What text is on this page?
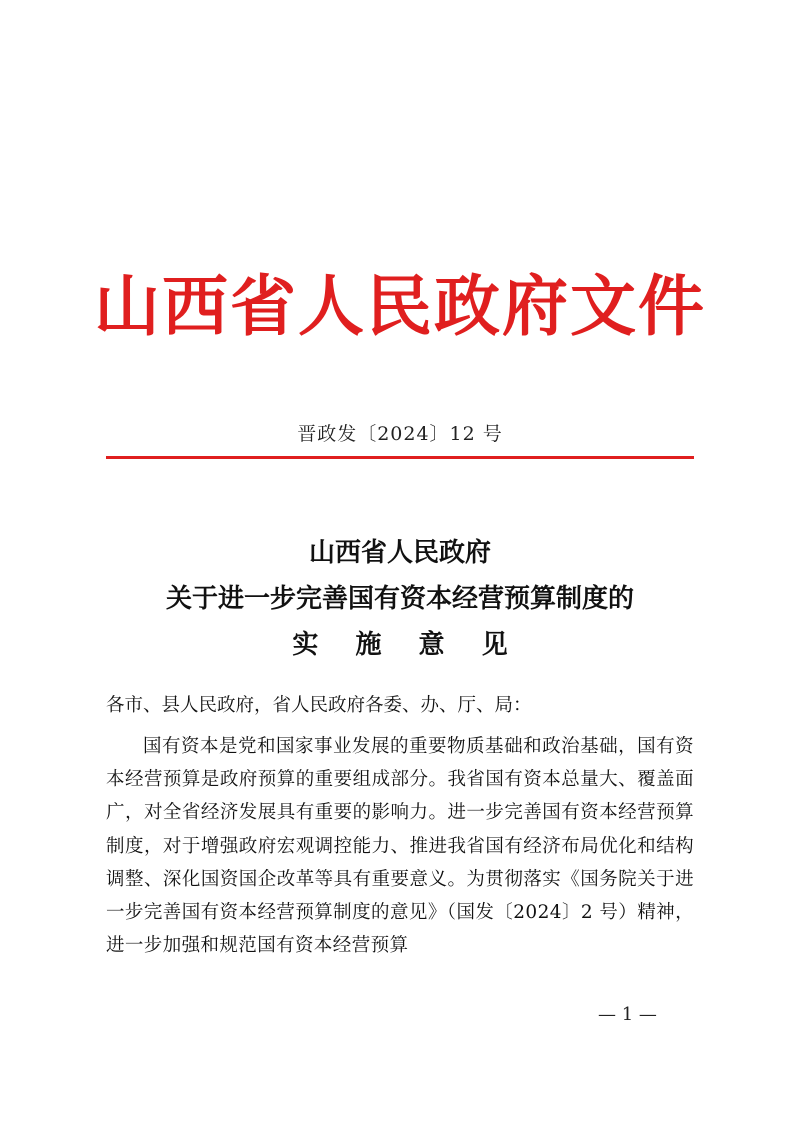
山西省人民政府文件
晋政发〔2024〕12 号
山西省人民政府
关于进一步完善国有资本经营预算制度的
实 施 意 见
各市、县人民政府，省人民政府各委、办、厅、局：

国有资本是党和国家事业发展的重要物质基础和政治基础，国有资本经营预算是政府预算的重要组成部分。我省国有资本总量大、覆盖面广，对全省经济发展具有重要的影响力。进一步完善国有资本经营预算制度，对于增强政府宏观调控能力、推进我省国有经济布局优化和结构调整、深化国资国企改革等具有重要意义。为贯彻落实《国务院关于进一步完善国有资本经营预算制度的意见》（国发〔2024〕2 号）精神，进一步加强和规范国有资本经营预算

— 1 —
